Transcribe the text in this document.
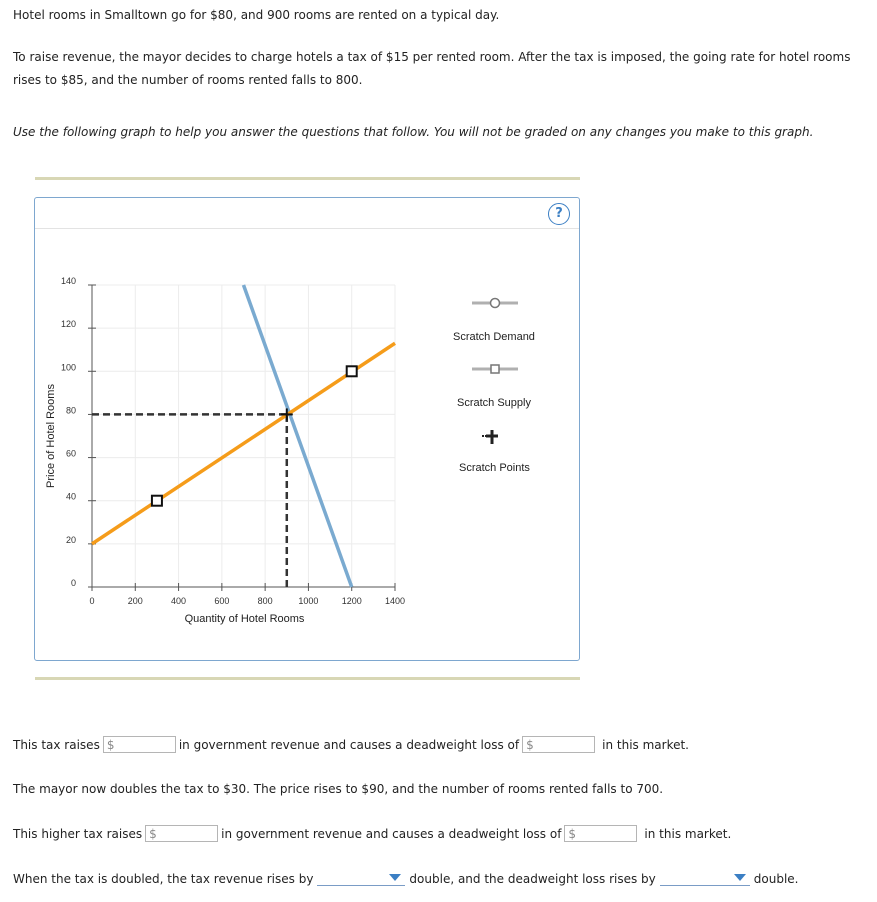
Hotel rooms in Smalltown go for $80, and 900 rooms are rented on a typical day.

To raise revenue, the mayor decides to charge hotels a tax of $15 per rented room. After the tax is imposed, the going rate for hotel rooms rises to $85, and the number of rooms rented falls to 800.

Use the following graph to help you answer the questions that follow. You will not be graded on any changes you make to this graph.

?
0	200	400	600	800	1000	1200	1400
0
20
40
60
80
100
120
140
Quantity of Hotel Rooms
Price of Hotel Rooms
Scratch Demand
Scratch Supply
Scratch Points
This tax raises $	in government revenue and causes a deadweight loss of $	in this market.

The mayor now doubles the tax to $30. The price rises to $90, and the number of rooms rented falls to 700.

This higher tax raises $	in government revenue and causes a deadweight loss of $	in this market.
When the tax is doubled, the tax revenue rises by	double, and the deadweight loss rises by	double.
